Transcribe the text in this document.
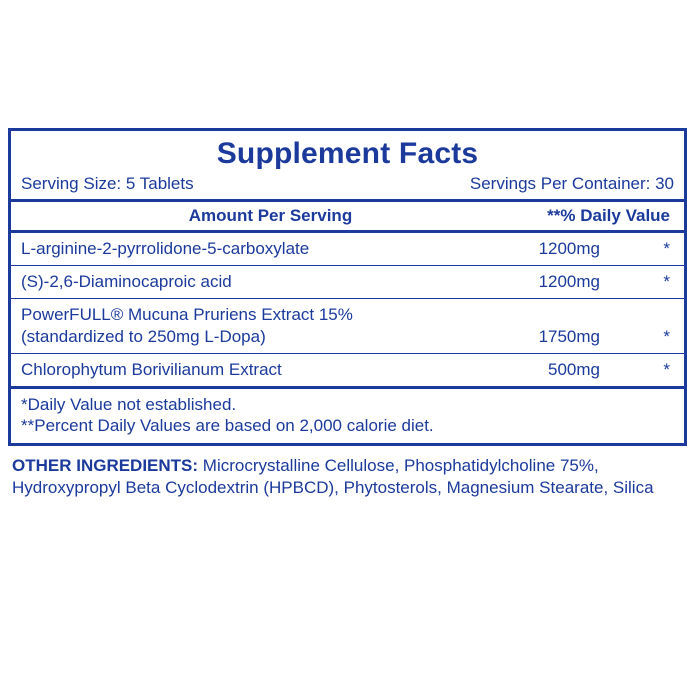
Supplement Facts
Serving Size: 5 Tablets	Servings Per Container: 30
Amount Per Serving	**% Daily Value
L-arginine-2-pyrrolidone-5-carboxylate	1200mg	*
(S)-2,6-Diaminocaproic acid	1200mg	*
PowerFULL® Mucuna Pruriens Extract 15%
(standardized to 250mg L-Dopa)	1750mg	*
Chlorophytum Borivilianum Extract	500mg	*
*Daily Value not established.
**Percent Daily Values are based on 2,000 calorie diet.
OTHER INGREDIENTS: Microcrystalline Cellulose, Phosphatidylcholine 75%, Hydroxypropyl Beta Cyclodextrin (HPBCD), Phytosterols, Magnesium Stearate, Silica
